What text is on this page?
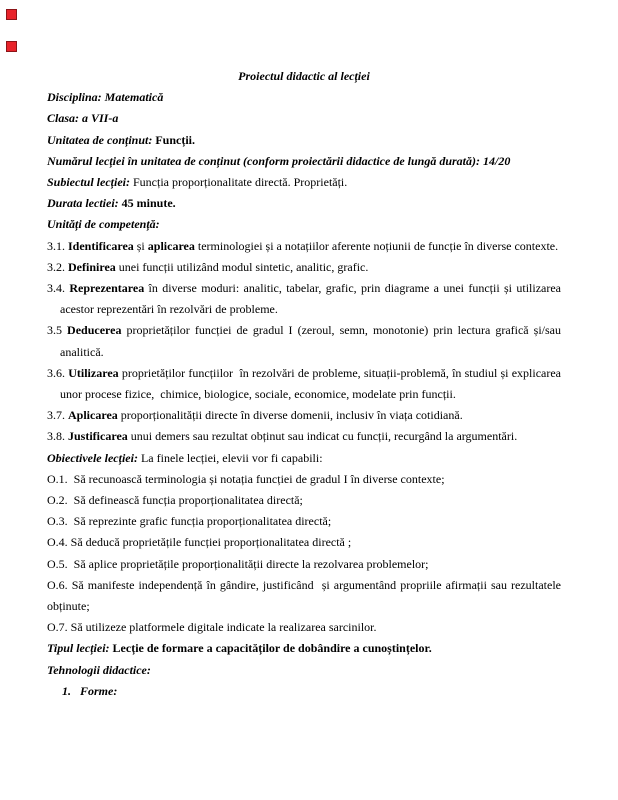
Proiectul didactic al lecției

Disciplina: Matematică

Clasa: a VII-a

Unitatea de conținut: Funcții.

Numărul lecției în unitatea de conținut (conform proiectării didactice de lungă durată): 14/20

Subiectul lecției: Funcția proporționalitate directă. Proprietăți.

Durata lectiei: 45 minute.

Unități de competență:

3.1. Identificarea și aplicarea terminologiei și a notațiilor aferente noțiunii de funcție în diverse contexte.

3.2. Definirea unei funcții utilizând modul sintetic, analitic, grafic.

3.4. Reprezentarea în diverse moduri: analitic, tabelar, grafic, prin diagrame a unei funcții și utilizarea acestor reprezentări în rezolvări de probleme.

3.5 Deducerea proprietăților funcției de gradul I (zeroul, semn, monotonie) prin lectura grafică și/sau analitică.

3.6. Utilizarea proprietăților funcțiilor  în rezolvări de probleme, situații-problemă, în studiul și explicarea unor procese fizice,  chimice, biologice, sociale, economice, modelate prin funcții.

3.7. Aplicarea proporționalității directe în diverse domenii, inclusiv în viața cotidiană.

3.8. Justificarea unui demers sau rezultat obținut sau indicat cu funcții, recurgând la argumentări.

Obiectivele lecției: La finele lecției, elevii vor fi capabili:

O.1.  Să recunoască terminologia și notația funcției de gradul I în diverse contexte;

O.2.  Să definească funcția proporționalitatea directă;

O.3.  Să reprezinte grafic funcția proporționalitatea directă;

O.4. Să deducă proprietățile funcției proporționalitatea directă ;

O.5.  Să aplice proprietățile proporționalității directe la rezolvarea problemelor;

O.6. Să manifeste independență în gândire, justificând  și argumentând propriile afirmații sau rezultatele obținute;

O.7. Să utilizeze platformele digitale indicate la realizarea sarcinilor.

Tipul lecției: Lecție de formare a capacităților de dobândire a cunoștințelor.

Tehnologii didactice:

1.   Forme:
